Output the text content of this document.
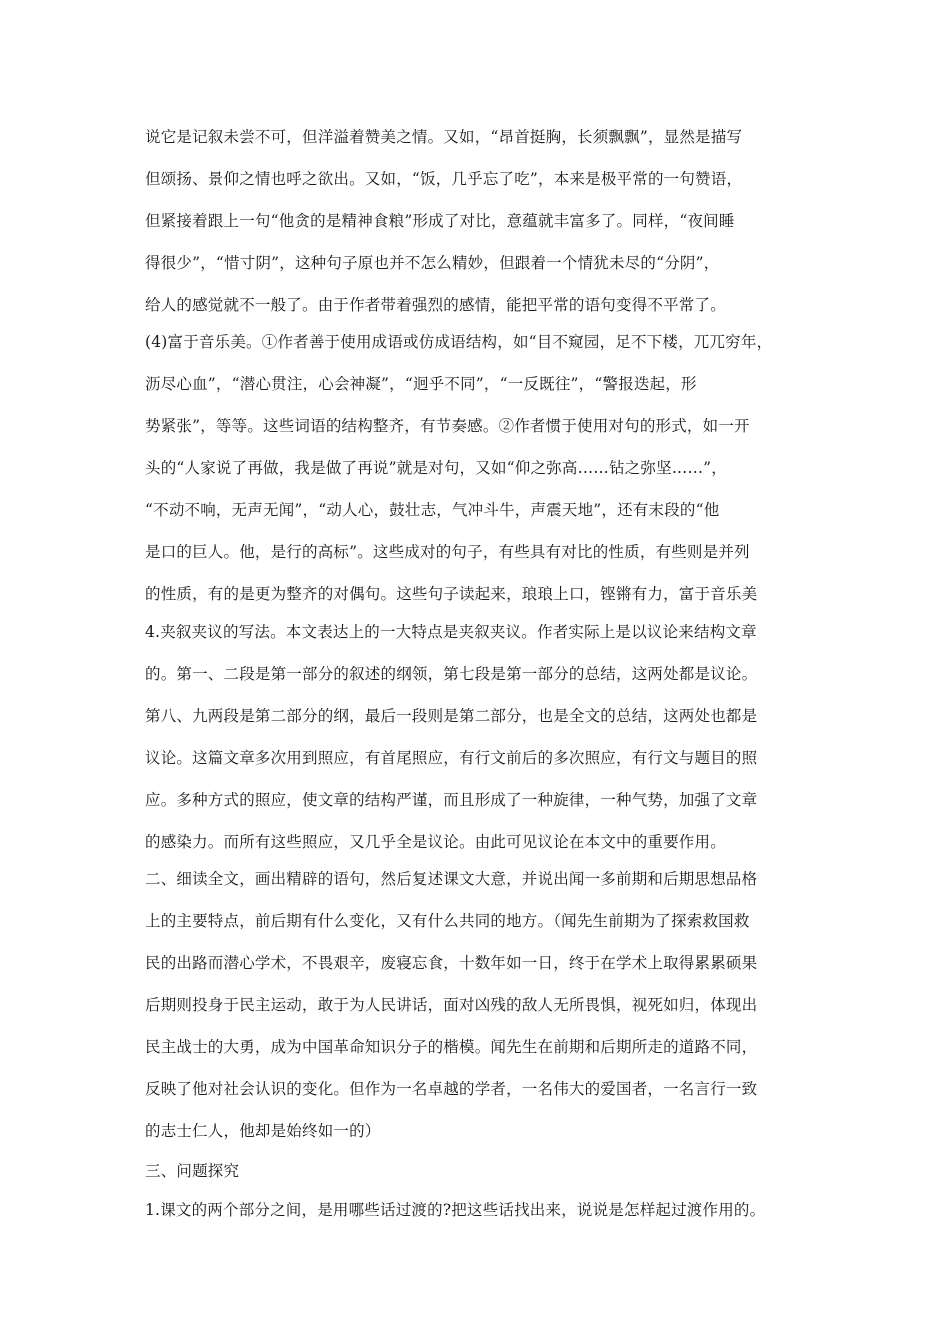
说它是记叙未尝不可，但洋溢着赞美之情。又如，“昂首挺胸，长须飘飘”，显然是描写
但颂扬、景仰之情也呼之欲出。又如，“饭，几乎忘了吃”，本来是极平常的一句赞语，
但紧接着跟上一句“他贪的是精神食粮”形成了对比，意蕴就丰富多了。同样，“夜间睡
得很少”，“惜寸阴”，这种句子原也并不怎么精妙，但跟着一个情犹未尽的“分阴”，
给人的感觉就不一般了。由于作者带着强烈的感情，能把平常的语句变得不平常了。
(4)富于音乐美。①作者善于使用成语或仿成语结构，如“目不窥园，足不下楼，兀兀穷年，
沥尽心血”，“潜心贯注，心会神凝”，“迥乎不同”，“一反既往”，“警报迭起，形
势紧张”，等等。这些词语的结构整齐，有节奏感。②作者惯于使用对句的形式，如一开
头的“人家说了再做，我是做了再说”就是对句，又如“仰之弥高……钻之弥坚……”，
“不动不响，无声无闻”，“动人心，鼓壮志，气冲斗牛，声震天地”，还有末段的“他
是口的巨人。他，是行的高标”。这些成对的句子，有些具有对比的性质，有些则是并列
的性质，有的是更为整齐的对偶句。这些句子读起来，琅琅上口，铿锵有力，富于音乐美
4.夹叙夹议的写法。本文表达上的一大特点是夹叙夹议。作者实际上是以议论来结构文章
的。第一、二段是第一部分的叙述的纲领，第七段是第一部分的总结，这两处都是议论。
第八、九两段是第二部分的纲，最后一段则是第二部分，也是全文的总结，这两处也都是
议论。这篇文章多次用到照应，有首尾照应，有行文前后的多次照应，有行文与题目的照
应。多种方式的照应，使文章的结构严谨，而且形成了一种旋律，一种气势，加强了文章
的感染力。而所有这些照应，又几乎全是议论。由此可见议论在本文中的重要作用。
二、细读全文，画出精辟的语句，然后复述课文大意，并说出闻一多前期和后期思想品格
上的主要特点，前后期有什么变化，又有什么共同的地方。（闻先生前期为了探索救国救
民的出路而潜心学术，不畏艰辛，废寝忘食，十数年如一日，终于在学术上取得累累硕果
后期则投身于民主运动，敢于为人民讲话，面对凶残的敌人无所畏惧，视死如归，体现出
民主战士的大勇，成为中国革命知识分子的楷模。闻先生在前期和后期所走的道路不同，
反映了他对社会认识的变化。但作为一名卓越的学者，一名伟大的爱国者，一名言行一致
的志士仁人，他却是始终如一的）
三、问题探究
1.课文的两个部分之间，是用哪些话过渡的?把这些话找出来，说说是怎样起过渡作用的。
